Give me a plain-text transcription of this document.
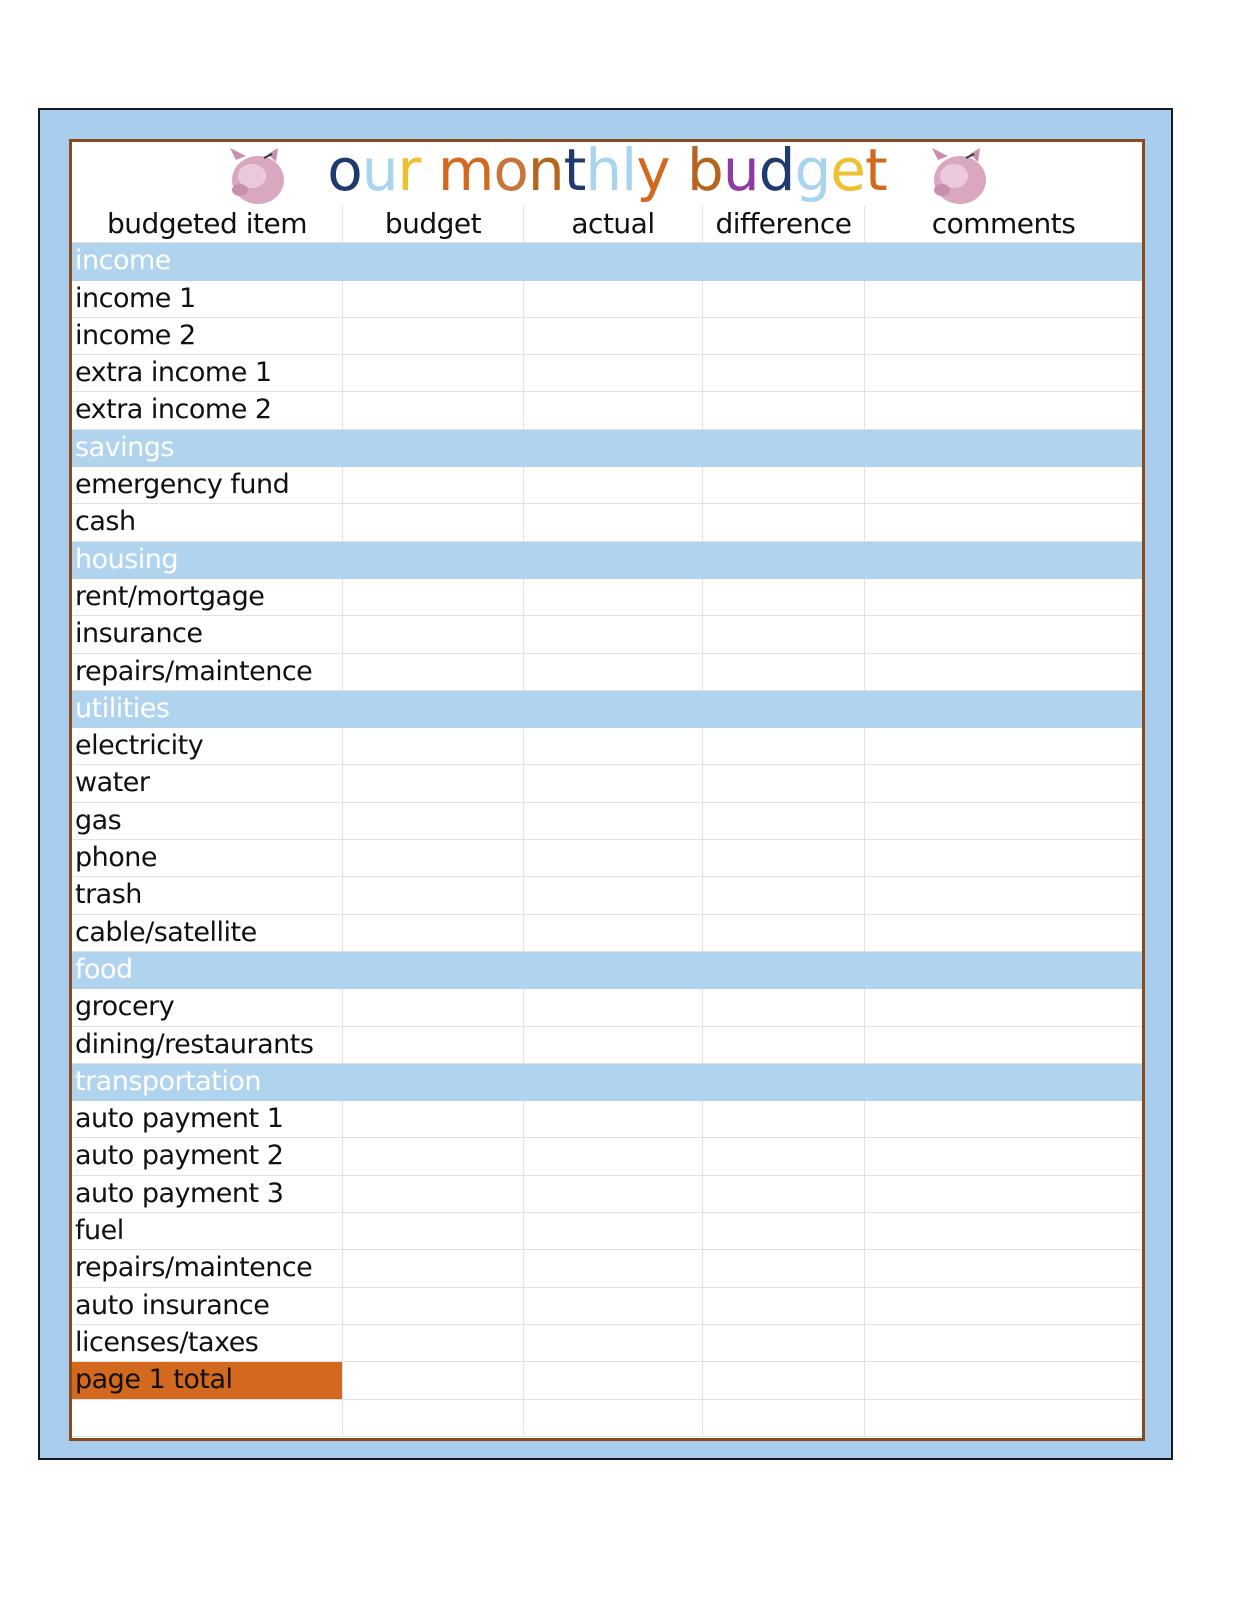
our monthly budget
budgeted item	budget	actual	difference	comments
income
income 1
income 2
extra income 1
extra income 2
savings
emergency fund
cash
housing
rent/mortgage
insurance
repairs/maintence
utilities
electricity
water
gas
phone
trash
cable/satellite
food
grocery
dining/restaurants
transportation
auto payment 1
auto payment 2
auto payment 3
fuel
repairs/maintence
auto insurance
licenses/taxes
page 1 total
